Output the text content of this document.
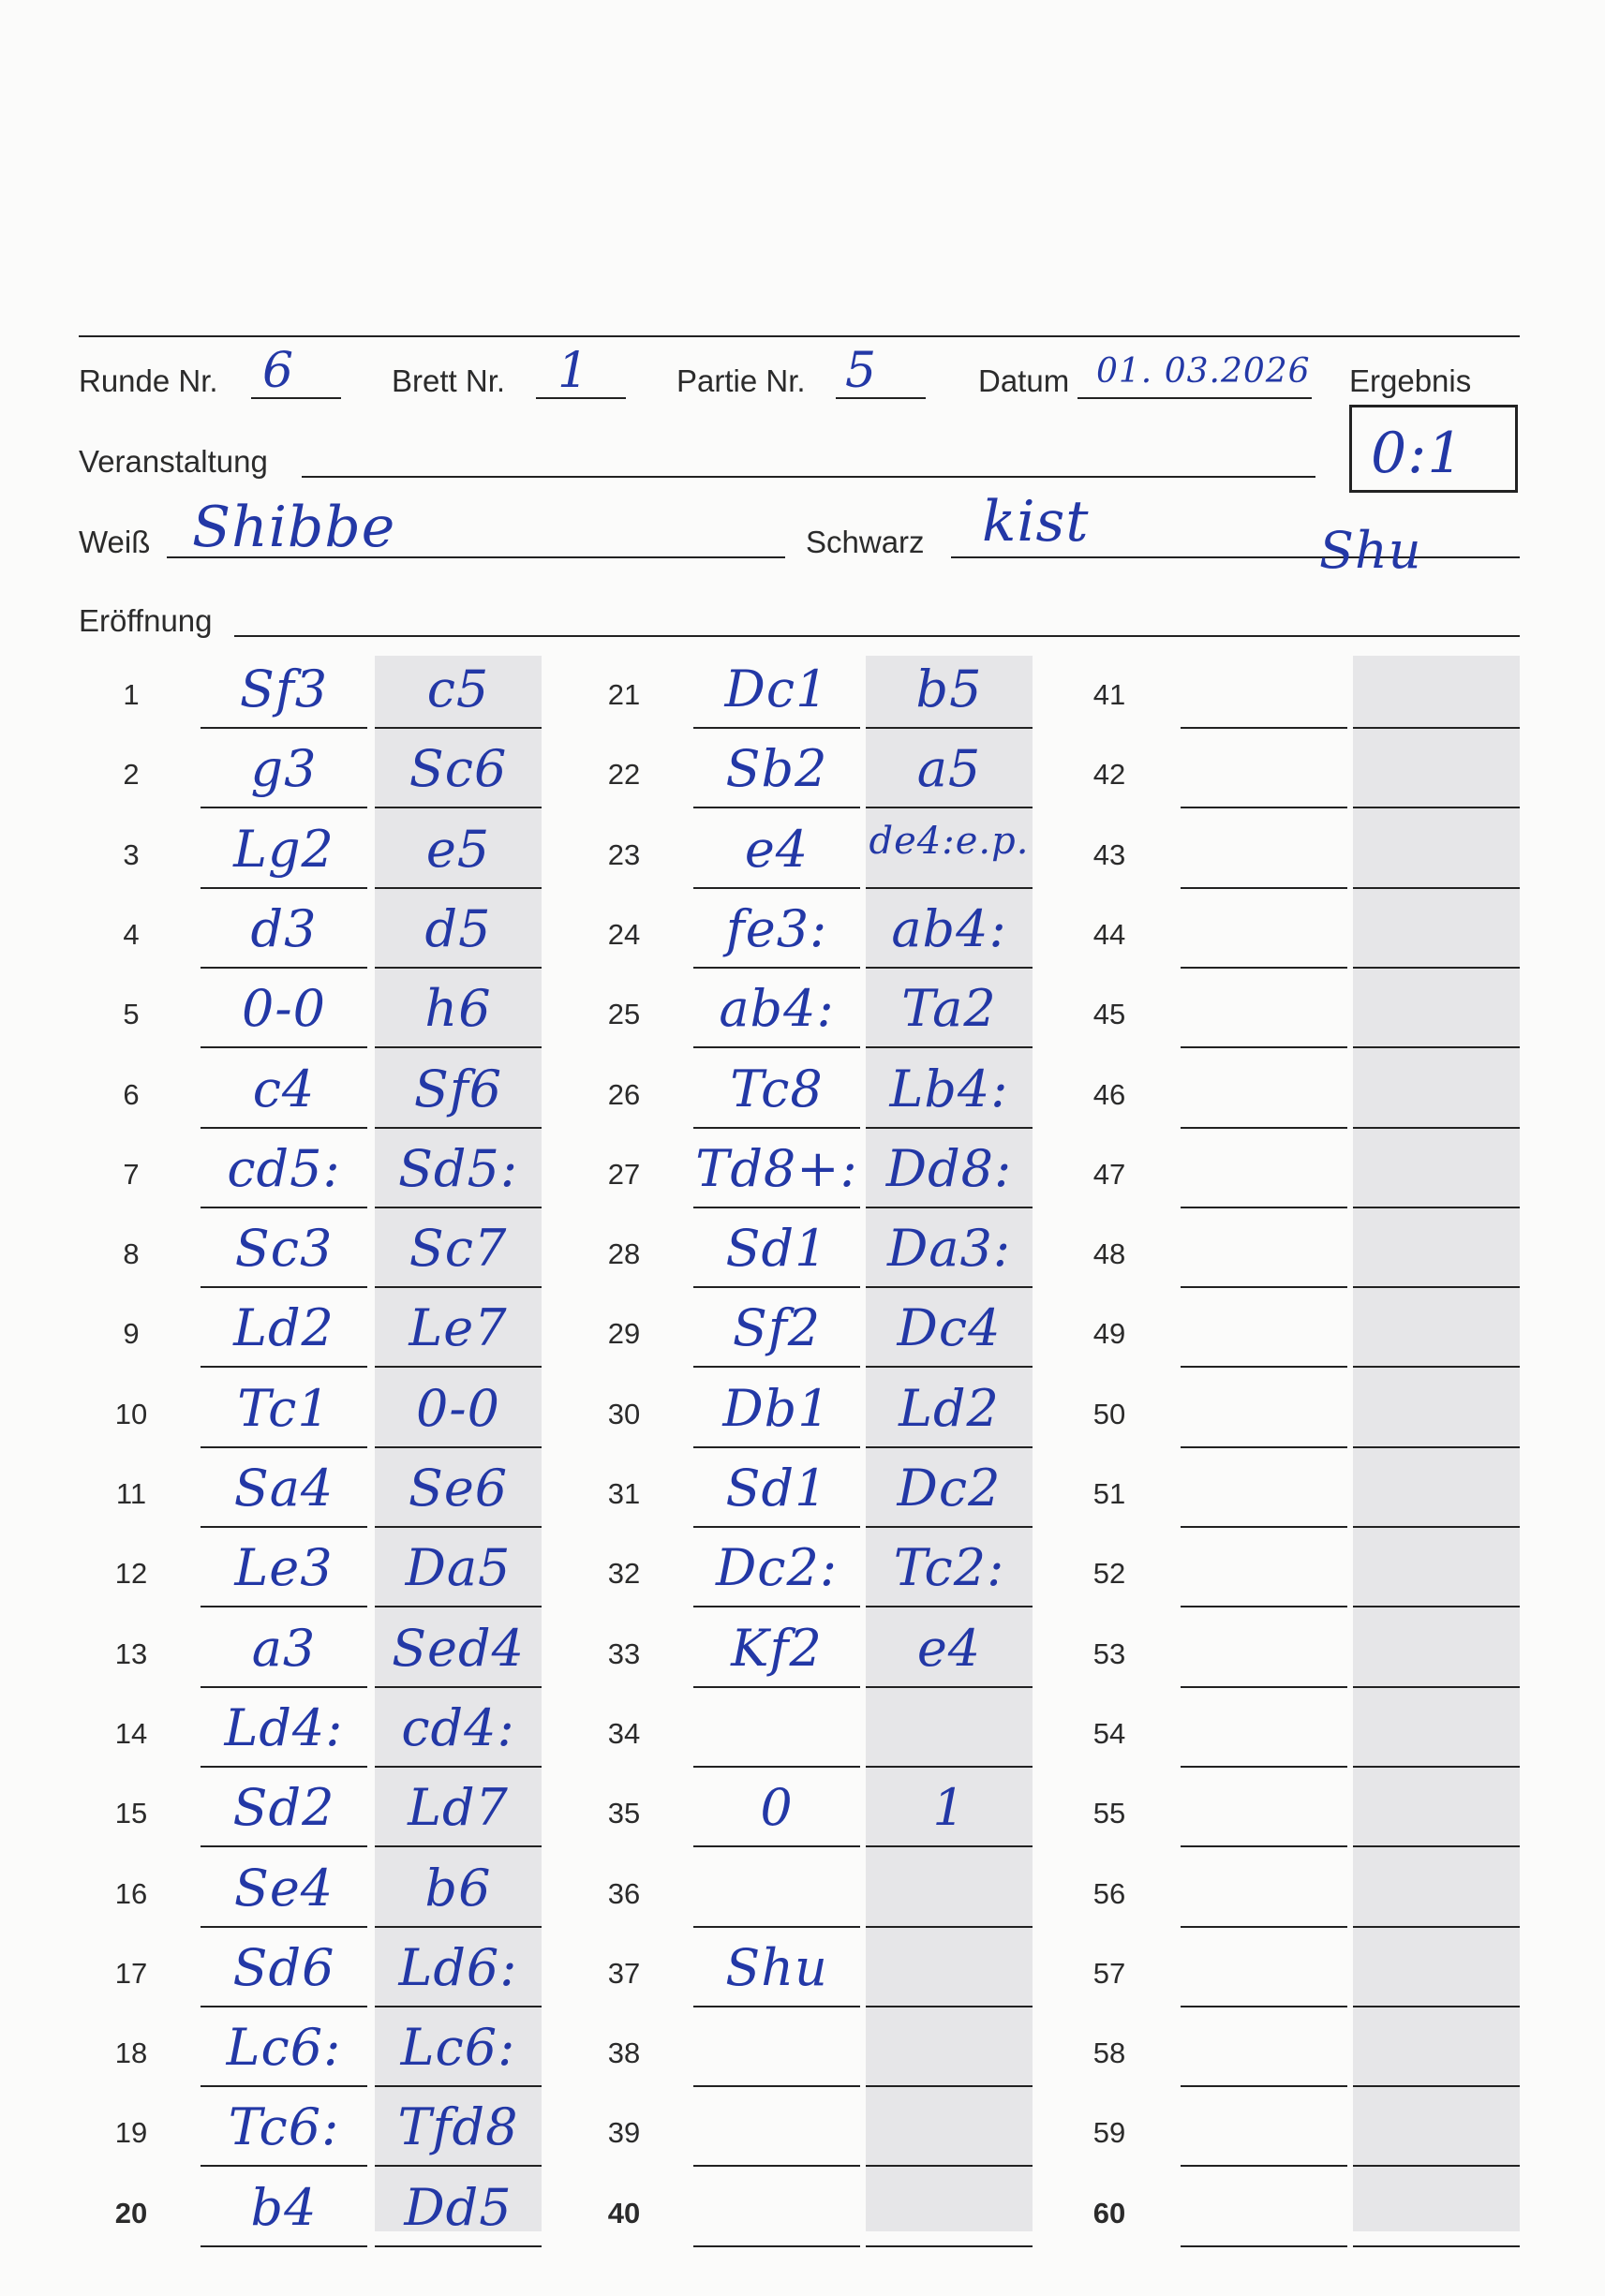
Runde Nr. 6	Brett Nr. 1	Partie Nr. 5	Datum 01. 03.2026 Ergebnis
0:1
Veranstaltung
Weiß Shibbe	Schwarz kist	Shu
Eröffnung
1	Sf3	c5
2	g3	Sc6
3	Lg2	e5
4	d3	d5
5	0-0	h6
6	c4	Sf6
7	cd5:	Sd5:
8	Sc3	Sc7
9	Ld2	Le7
10	Tc1	0-0
11	Sa4	Se6
12	Le3	Da5
13	a3	Sed4
14	Ld4:	cd4:
15	Sd2	Ld7
16	Se4	b6
17	Sd6	Ld6:
18	Lc6:	Lc6:
19	Tc6:	Tfd8
20	b4	Dd5
21	Dc1	b5
22	Sb2	a5
23	e4	de4:e.p.
24	fe3:	ab4:
25	ab4:	Ta2
26	Tc8	Lb4:
27 Td8+: Dd8:
28	Sd1	Da3:
29	Sf2	Dc4
30	Db1	Ld2
31	Sd1	Dc2
32	Dc2:	Tc2:
33	Kf2	e4
34
35	0	1
36
37	Shu
38
39
40
41
42
43
44
45
46
47
48
49
50
51
52
53
54
55
56
57
58
59
60
